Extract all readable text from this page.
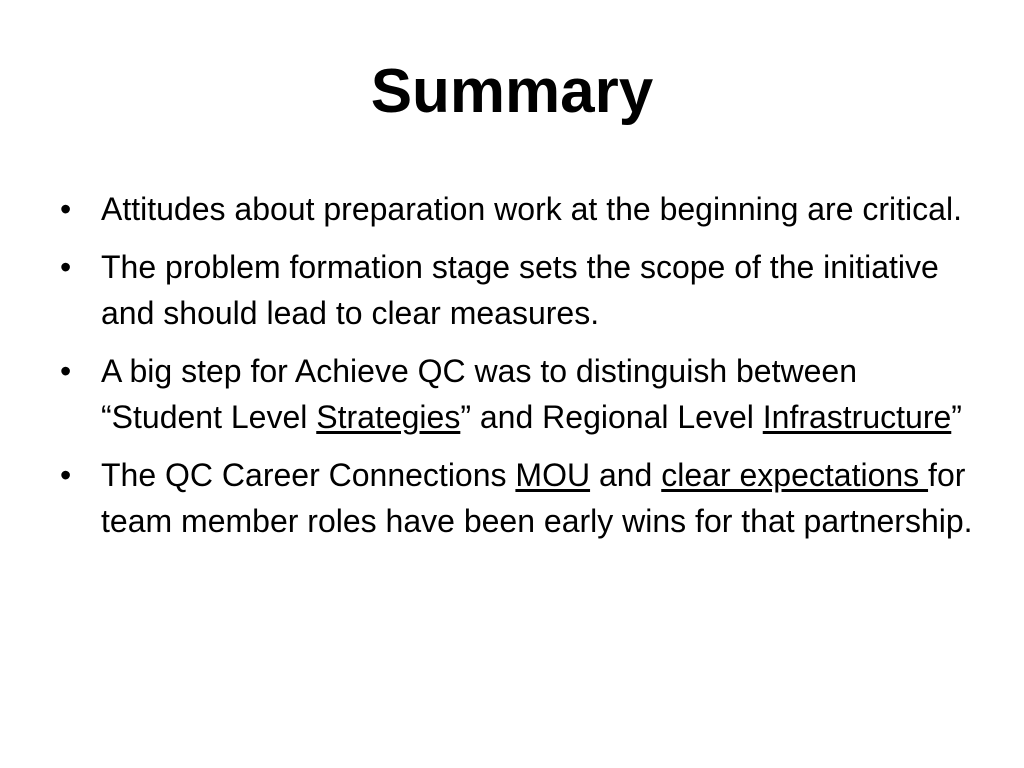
Summary
• Attitudes about preparation work at the beginning are critical.
• The problem formation stage sets the scope of the initiative and should lead to clear measures.
• A big step for Achieve QC was to distinguish between “Student Level Strategies” and Regional Level Infrastructure”
• The QC Career Connections MOU and clear expectations for team member roles have been early wins for that partnership.
